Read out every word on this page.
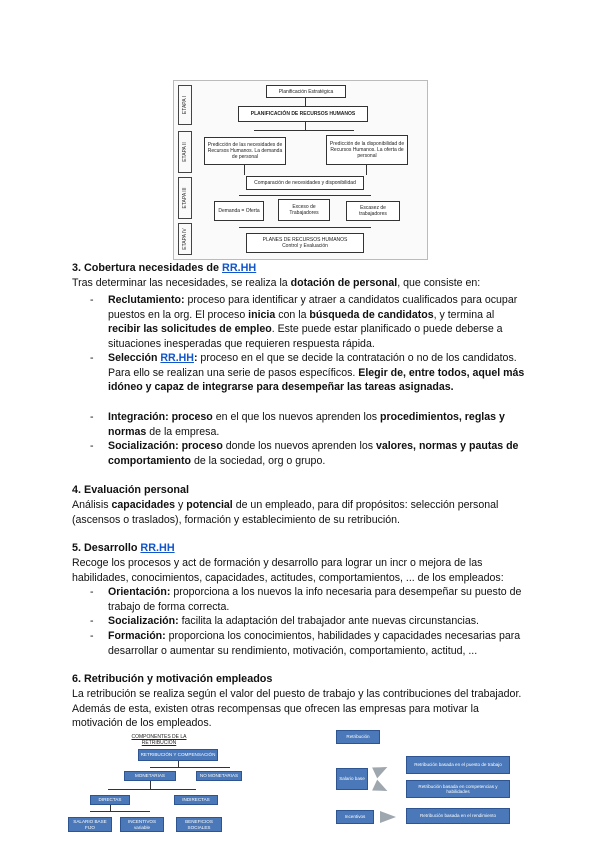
ETAPA I
ETAPA II
ETAPA III
ETAPA IV
Planificación Estratégica
PLANIFICACIÓN DE RECURSOS HUMANOS
Predicción de las necesidades de Recursos Humanos. La demanda de personal
Predicción de la disponibilidad de Recursos Humanos. La oferta de personal
Comparación de necesidades y disponibilidad
Demanda = Oferta
Exceso de Trabajadores
Escasez de trabajadores
PLANES DE RECURSOS HUMANOS
Control y Evaluación
3. Cobertura necesidades de RR.HH
Tras determinar las necesidades, se realiza la dotación de personal, que consiste en:
- Reclutamiento: proceso para identificar y atraer a candidatos cualificados para ocupar puestos en la org. El proceso inicia con la búsqueda de candidatos, y termina al recibir las solicitudes de empleo. Este puede estar planificado o puede deberse a situaciones inesperadas que requieren respuesta rápida.
- Selección RR.HH: proceso en el que se decide la contratación o no de los candidatos. Para ello se realizan una serie de pasos específicos. Elegir de, entre todos, aquel más idóneo y capaz de integrarse para desempeñar las tareas asignadas.
- Integración: proceso en el que los nuevos aprenden los procedimientos, reglas y normas de la empresa.
- Socialización: proceso donde los nuevos aprenden los valores, normas y pautas de comportamiento de la sociedad, org o grupo.
4. Evaluación personal
Análisis capacidades y potencial de un empleado, para dif propósitos: selección personal (ascensos o traslados), formación y establecimiento de su retribución.
5. Desarrollo RR.HH
Recoge los procesos y act de formación y desarrollo para lograr un incr o mejora de las habilidades, conocimientos, capacidades, actitudes, comportamientos, ... de los empleados:
- Orientación: proporciona a los nuevos la info necesaria para desempeñar su puesto de trabajo de forma correcta.
- Socialización: facilita la adaptación del trabajador ante nuevas circunstancias.
- Formación: proporciona los conocimientos, habilidades y capacidades necesarias para desarrollar o aumentar su rendimiento, motivación, comportamiento, actitud, ...
6. Retribución y motivación empleados
La retribución se realiza según el valor del puesto de trabajo y las contribuciones del trabajador. Además de esta, existen otras recompensas que ofrecen las empresas para motivar la motivación de los empleados.
COMPONENTES DE LA RETRIBUCIÓN
RETRIBUCIÓN Y COMPENSACIÓN
MONETARIAS	NO MONETARIAS
DIRECTAS	INDIRECTAS
SALARIO BASE FIJO
INCENTIVOS variable
BENEFICIOS SOCIALES
Retribución
Salario base
Incentivos
Retribución basada en el puesto de trabajo
Retribución basada en competencias y habilidades
Retribución basada en el rendimiento
